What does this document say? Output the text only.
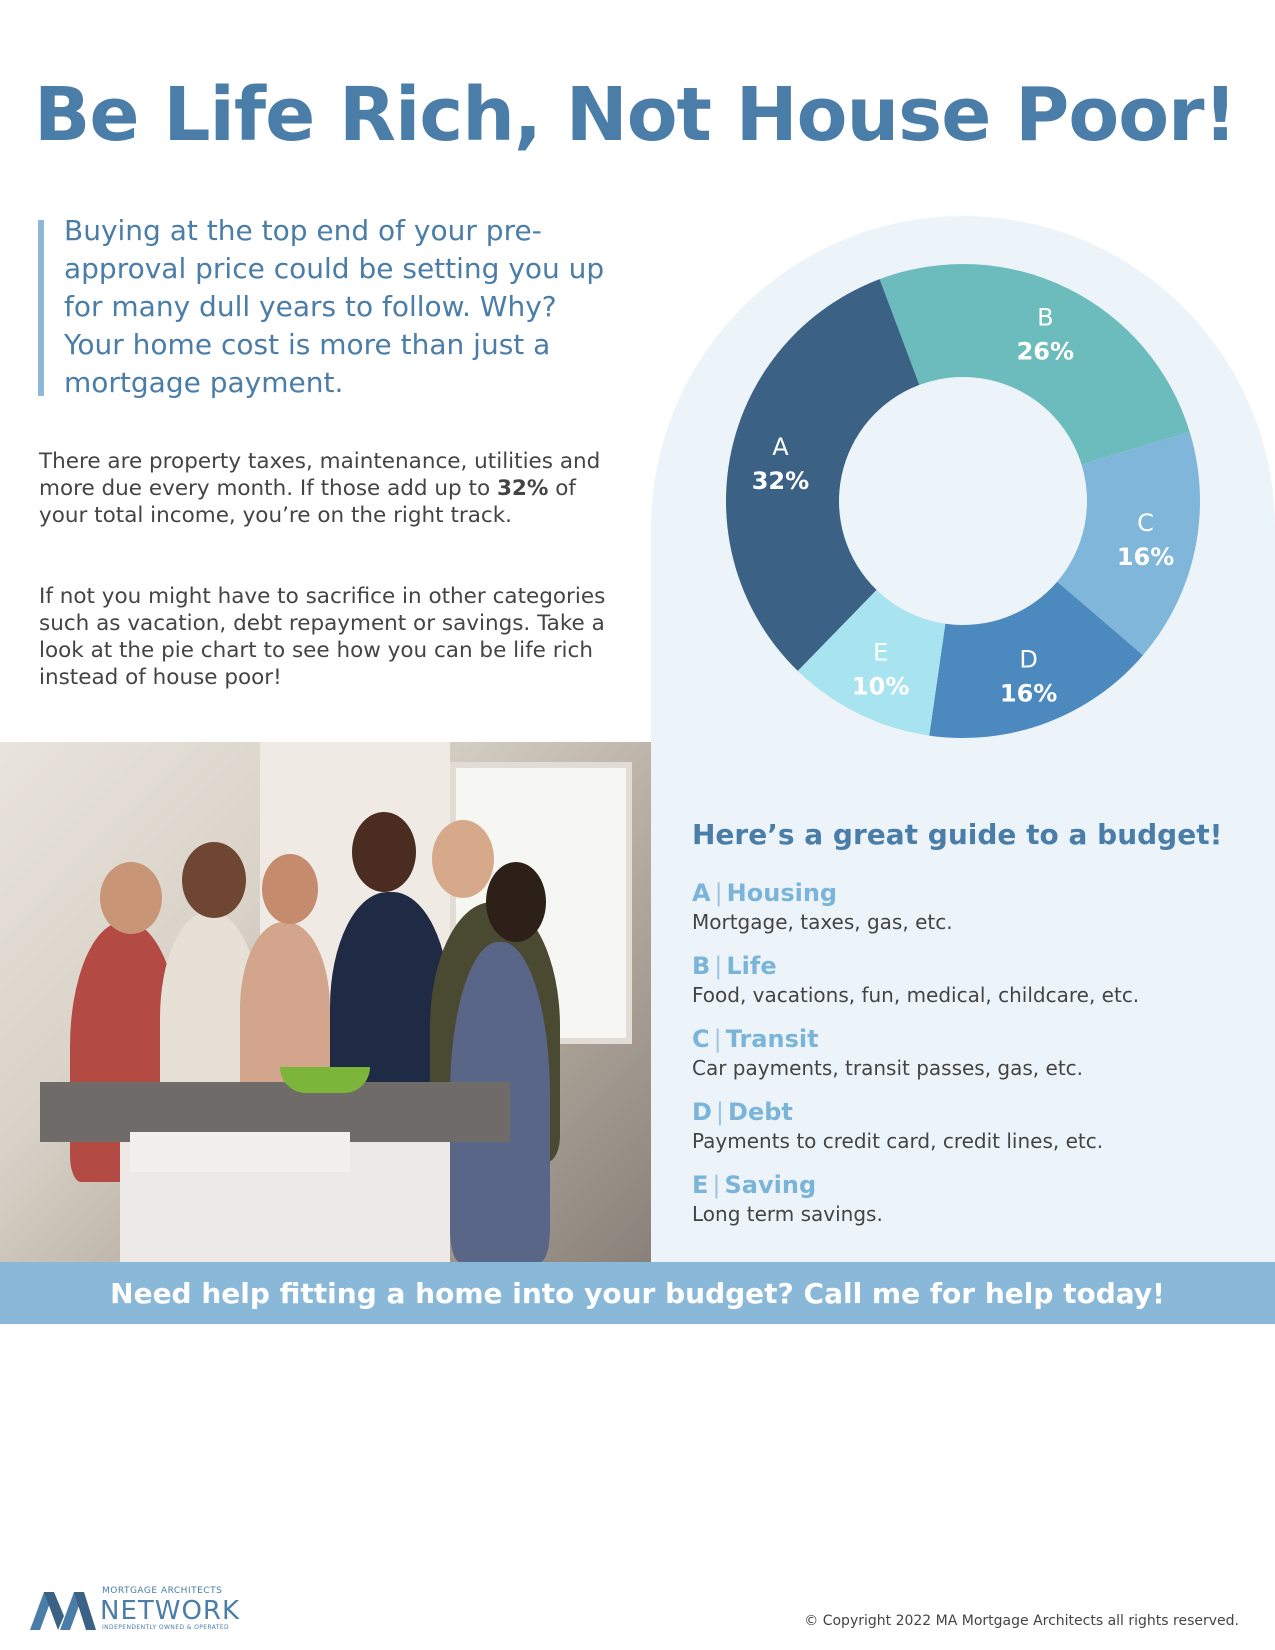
Be Life Rich, Not House Poor!

Buying at the top end of your pre-approval price could be setting you up for many dull years to follow. Why? Your home cost is more than just a mortgage payment.

There are property taxes, maintenance, utilities and more due every month. If those add up to 32% of your total income, you’re on the right track.

If not you might have to sacrifice in other categories such as vacation, debt repayment or savings. Take a look at the pie chart to see how you can be life rich instead of house poor!

B
26%
C
16%
D
16%
E
10%
A
32%
Here’s a great guide to a budget!
A | Housing
Mortgage, taxes, gas, etc.
B | Life
Food, vacations, fun, medical, childcare, etc.
C | Transit
Car payments, transit passes, gas, etc.
D | Debt
Payments to credit card, credit lines, etc.
E | Saving
Long term savings.
Need help fitting a home into your budget? Call me for help today!
MORTGAGE ARCHITECTS
NETWORK
INDEPENDENTLY OWNED & OPERATED	© Copyright 2022 MA Mortgage Architects all rights reserved.
